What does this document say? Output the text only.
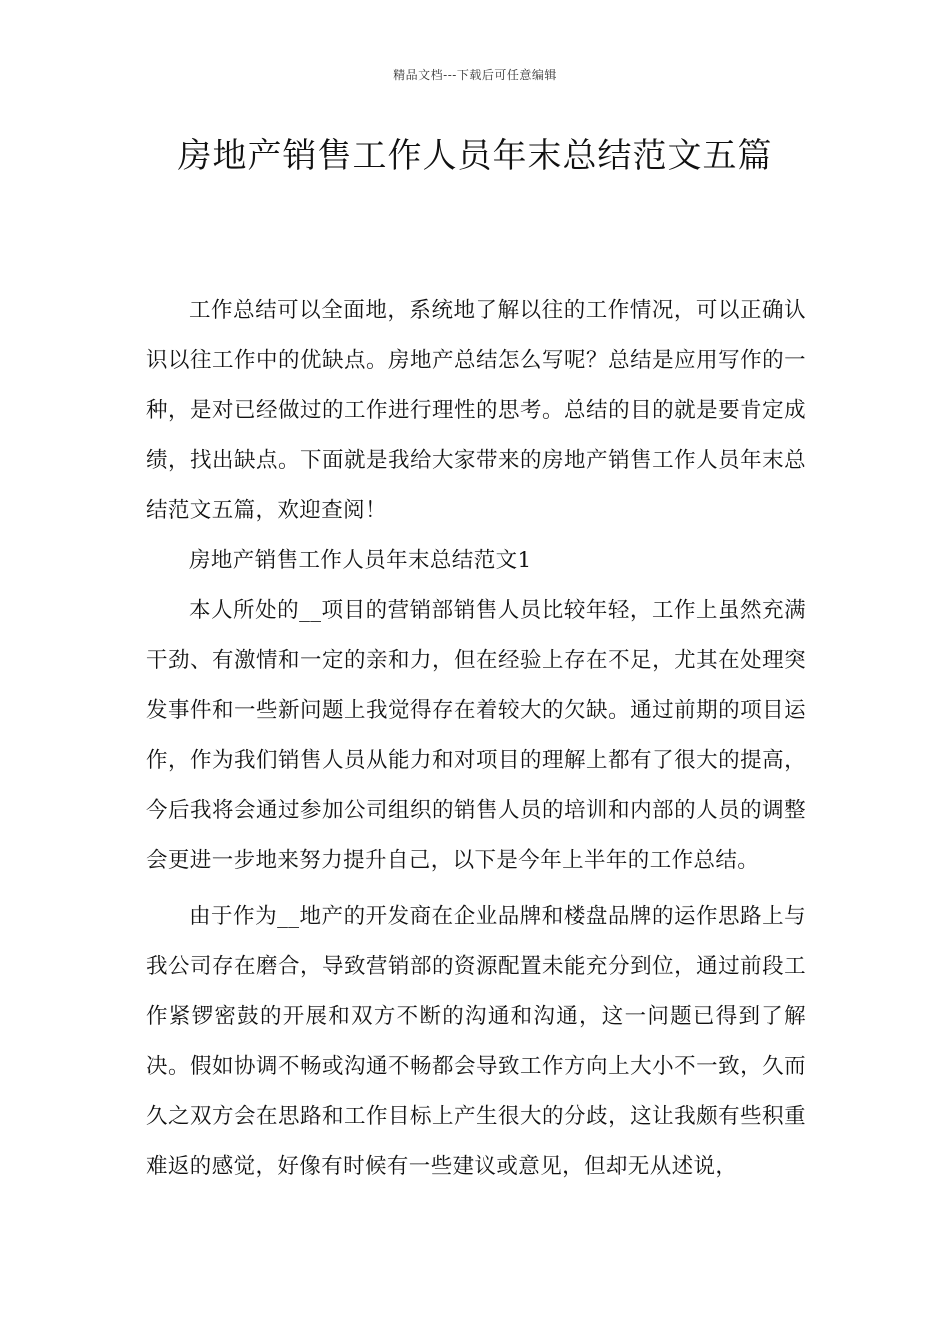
精品文档---下载后可任意编辑
房地产销售工作人员年末总结范文五篇

工作总结可以全面地，系统地了解以往的工作情况，可以正确认识以往工作中的优缺点。房地产总结怎么写呢？总结是应用写作的一种，是对已经做过的工作进行理性的思考。总结的目的就是要肯定成绩，找出缺点。下面就是我给大家带来的房地产销售工作人员年末总结范文五篇，欢迎查阅！

房地产销售工作人员年末总结范文1

本人所处的__项目的营销部销售人员比较年轻，工作上虽然充满干劲、有激情和一定的亲和力，但在经验上存在不足，尤其在处理突发事件和一些新问题上我觉得存在着较大的欠缺。通过前期的项目运作，作为我们销售人员从能力和对项目的理解上都有了很大的提高，今后我将会通过参加公司组织的销售人员的培训和内部的人员的调整会更进一步地来努力提升自己，以下是今年上半年的工作总结。

由于作为__地产的开发商在企业品牌和楼盘品牌的运作思路上与我公司存在磨合，导致营销部的资源配置未能充分到位，通过前段工作紧锣密鼓的开展和双方不断的沟通和沟通，这一问题已得到了解决。假如协调不畅或沟通不畅都会导致工作方向上大小不一致，久而久之双方会在思路和工作目标上产生很大的分歧，这让我颇有些积重难返的感觉，好像有时候有一些建议或意见，但却无从述说，
